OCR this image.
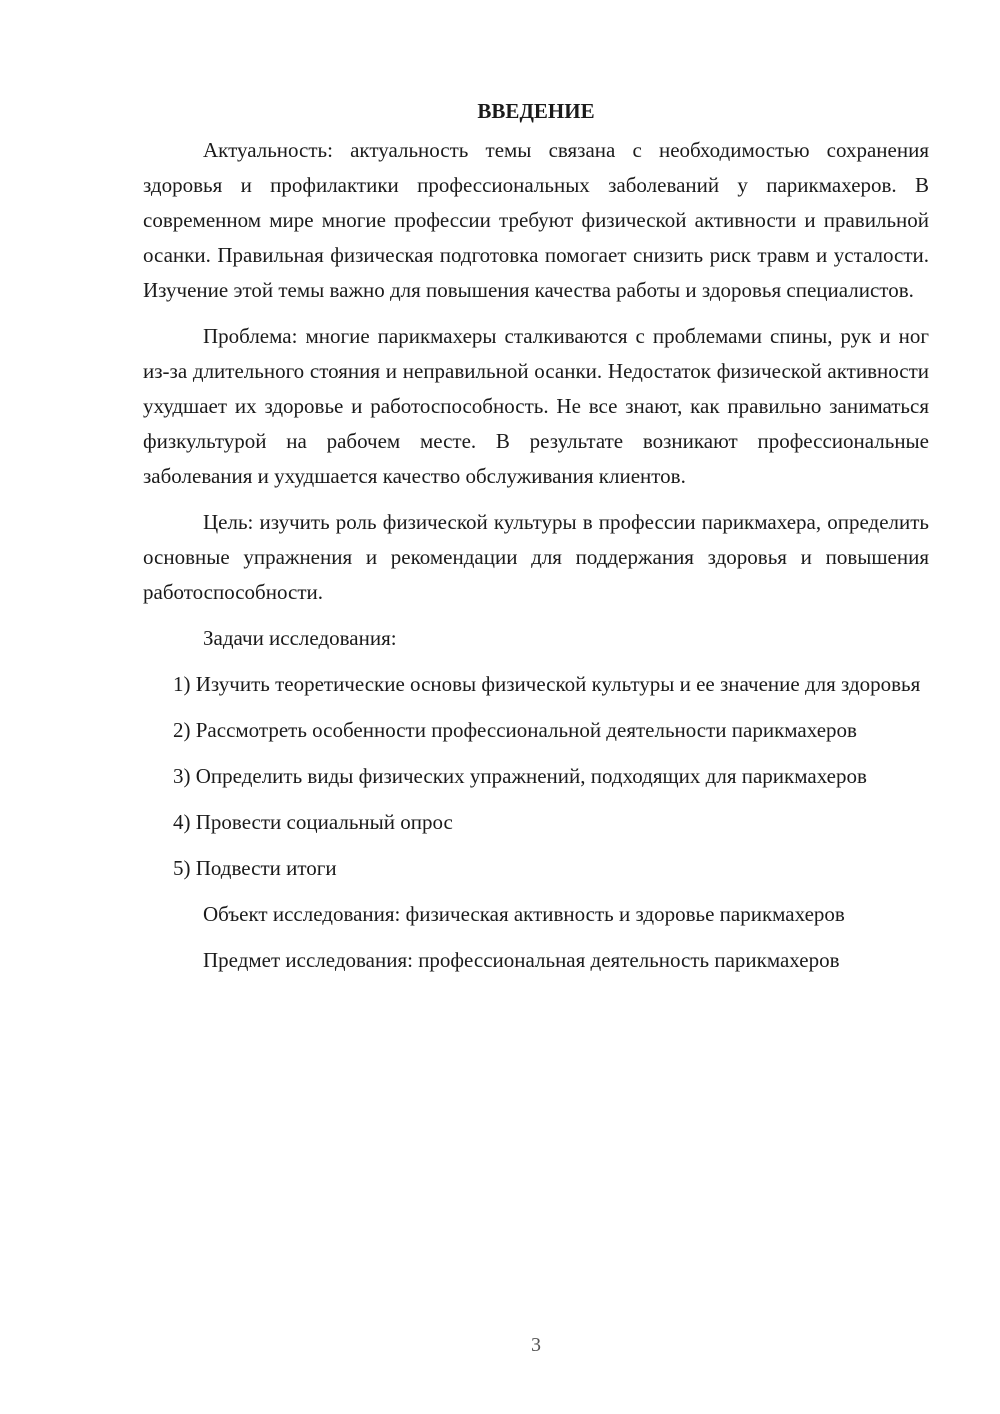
ВВЕДЕНИЕ

Актуальность: актуальность темы связана с необходимостью сохранения здоровья и профилактики профессиональных заболеваний у парикмахеров. В современном мире многие профессии требуют физической активности и правильной осанки. Правильная физическая подготовка помогает снизить риск травм и усталости. Изучение этой темы важно для повышения качества работы и здоровья специалистов.

Проблема: многие парикмахеры сталкиваются с проблемами спины, рук и ног из-за длительного стояния и неправильной осанки. Недостаток физической активности ухудшает их здоровье и работоспособность. Не все знают, как правильно заниматься физкультурой на рабочем месте. В результате возникают профессиональные заболевания и ухудшается качество обслуживания клиентов.

Цель: изучить роль физической культуры в профессии парикмахера, определить основные упражнения и рекомендации для поддержания здоровья и повышения работоспособности.

Задачи исследования:

1) Изучить теоретические основы физической культуры и ее значение для здоровья

2) Рассмотреть особенности профессиональной деятельности парикмахеров

3) Определить виды физических упражнений, подходящих для парикмахеров

4) Провести социальный опрос

5) Подвести итоги

Объект исследования: физическая активность и здоровье парикмахеров

Предмет исследования: профессиональная деятельность парикмахеров

3
